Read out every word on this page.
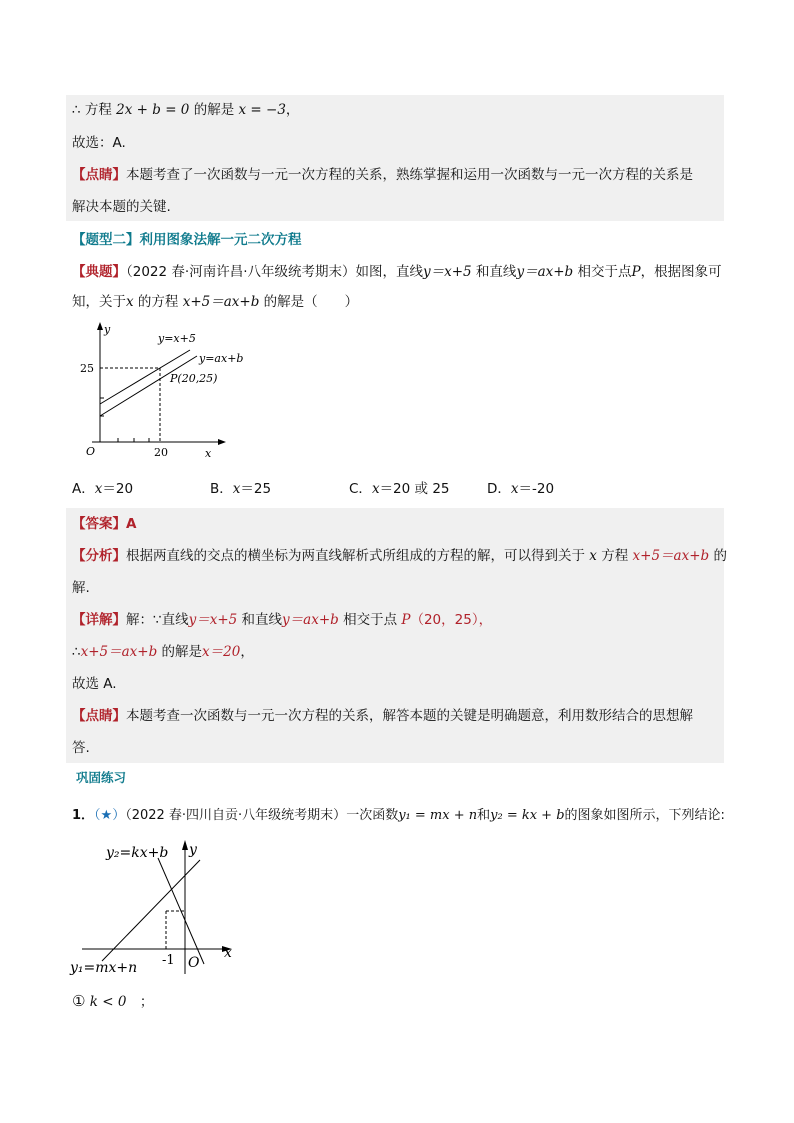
∴ 方程 2x + b = 0 的解是 x = −3，
故选：A.
【点睛】本题考查了一次函数与一元一次方程的关系，熟练掌握和运用一次函数与一元一次方程的关系是
解决本题的关键.
【题型二】利用图象法解一元二次方程
【典题】（2022 春·河南许昌·八年级统考期末）如图，直线y＝x+5 和直线y＝ax+b 相交于点P，根据图象可
知，关于x 的方程 x+5＝ax+b 的解是（　　）
y
x
O
y=x+5
y=ax+b
P(20,25)
25
20
A．x＝20	B．x＝25	C．x＝20 或 25	D．x＝-20
【答案】A
【分析】根据两直线的交点的横坐标为两直线解析式所组成的方程的解，可以得到关于 x 方程 x+5＝ax+b 的
解.
【详解】解：∵直线y＝x+5 和直线y＝ax+b 相交于点 P（20，25），
∴x+5＝ax+b 的解是x＝20，
故选 A.
【点睛】本题考查一次函数与一元一次方程的关系，解答本题的关键是明确题意，利用数形结合的思想解
答.
巩固练习
1．（★）（2022 春·四川自贡·八年级统考期末）一次函数y₁ = mx + n和y₂ = kx + b的图象如图所示，下列结论:
y₂=kx+b y
x
-1 O
y₁=mx+n
① k < 0　；
